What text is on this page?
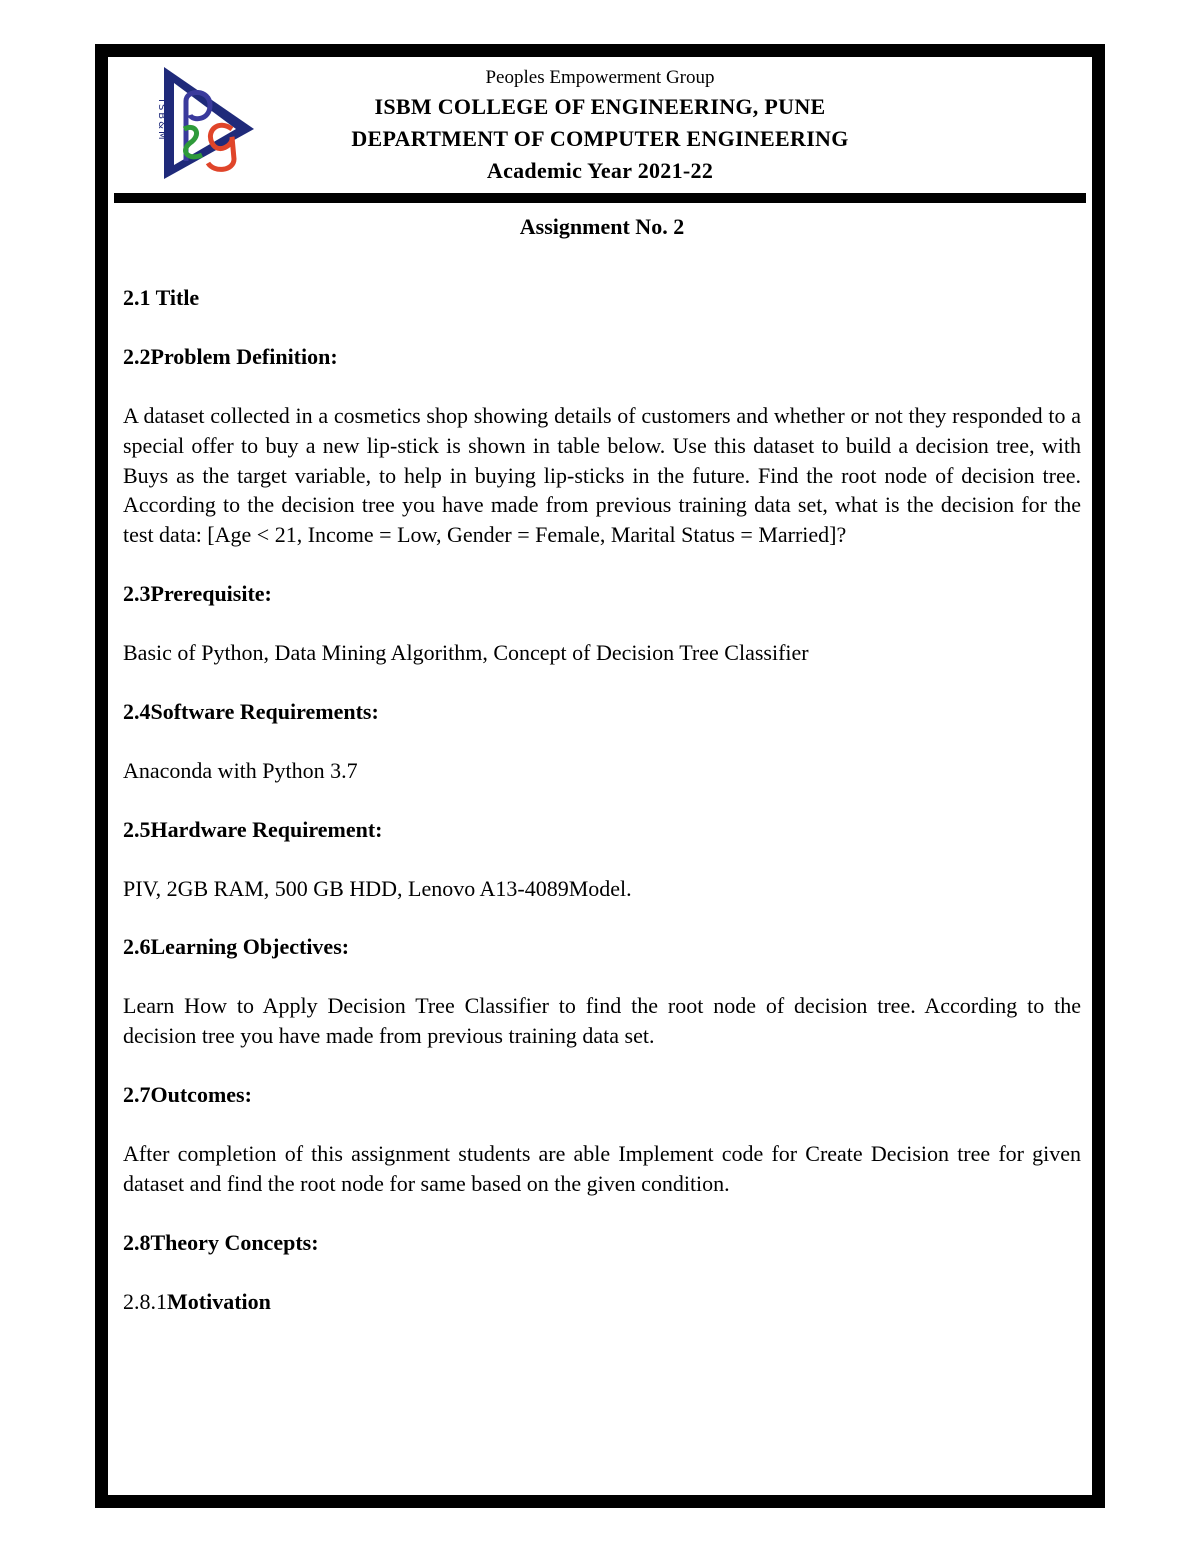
ISB&M
Peoples Empowerment Group
ISBM COLLEGE OF ENGINEERING, PUNE
DEPARTMENT OF COMPUTER ENGINEERING
Academic Year 2021-22
Assignment No. 2
2.1 Title
2.2Problem Definition:
A dataset collected in a cosmetics shop showing details of customers and whether or not they responded to a special offer to buy a new lip-stick is shown in table below. Use this dataset to build a decision tree, with Buys as the target variable, to help in buying lip-sticks in the future. Find the root node of decision tree. According to the decision tree you have made from previous training data set, what is the decision for the test data: [Age < 21, Income = Low, Gender = Female, Marital Status = Married]?
2.3Prerequisite:
Basic of Python, Data Mining Algorithm, Concept of Decision Tree Classifier
2.4Software Requirements:
Anaconda with Python 3.7
2.5Hardware Requirement:
PIV, 2GB RAM, 500 GB HDD, Lenovo A13-4089Model.
2.6Learning Objectives:
Learn How to Apply Decision Tree Classifier to find the root node of decision tree. According to the decision tree you have made from previous training data set.
2.7Outcomes:
After completion of this assignment students are able Implement code for Create Decision tree for given dataset and find the root node for same based on the given condition.
2.8Theory Concepts:
2.8.1Motivation
